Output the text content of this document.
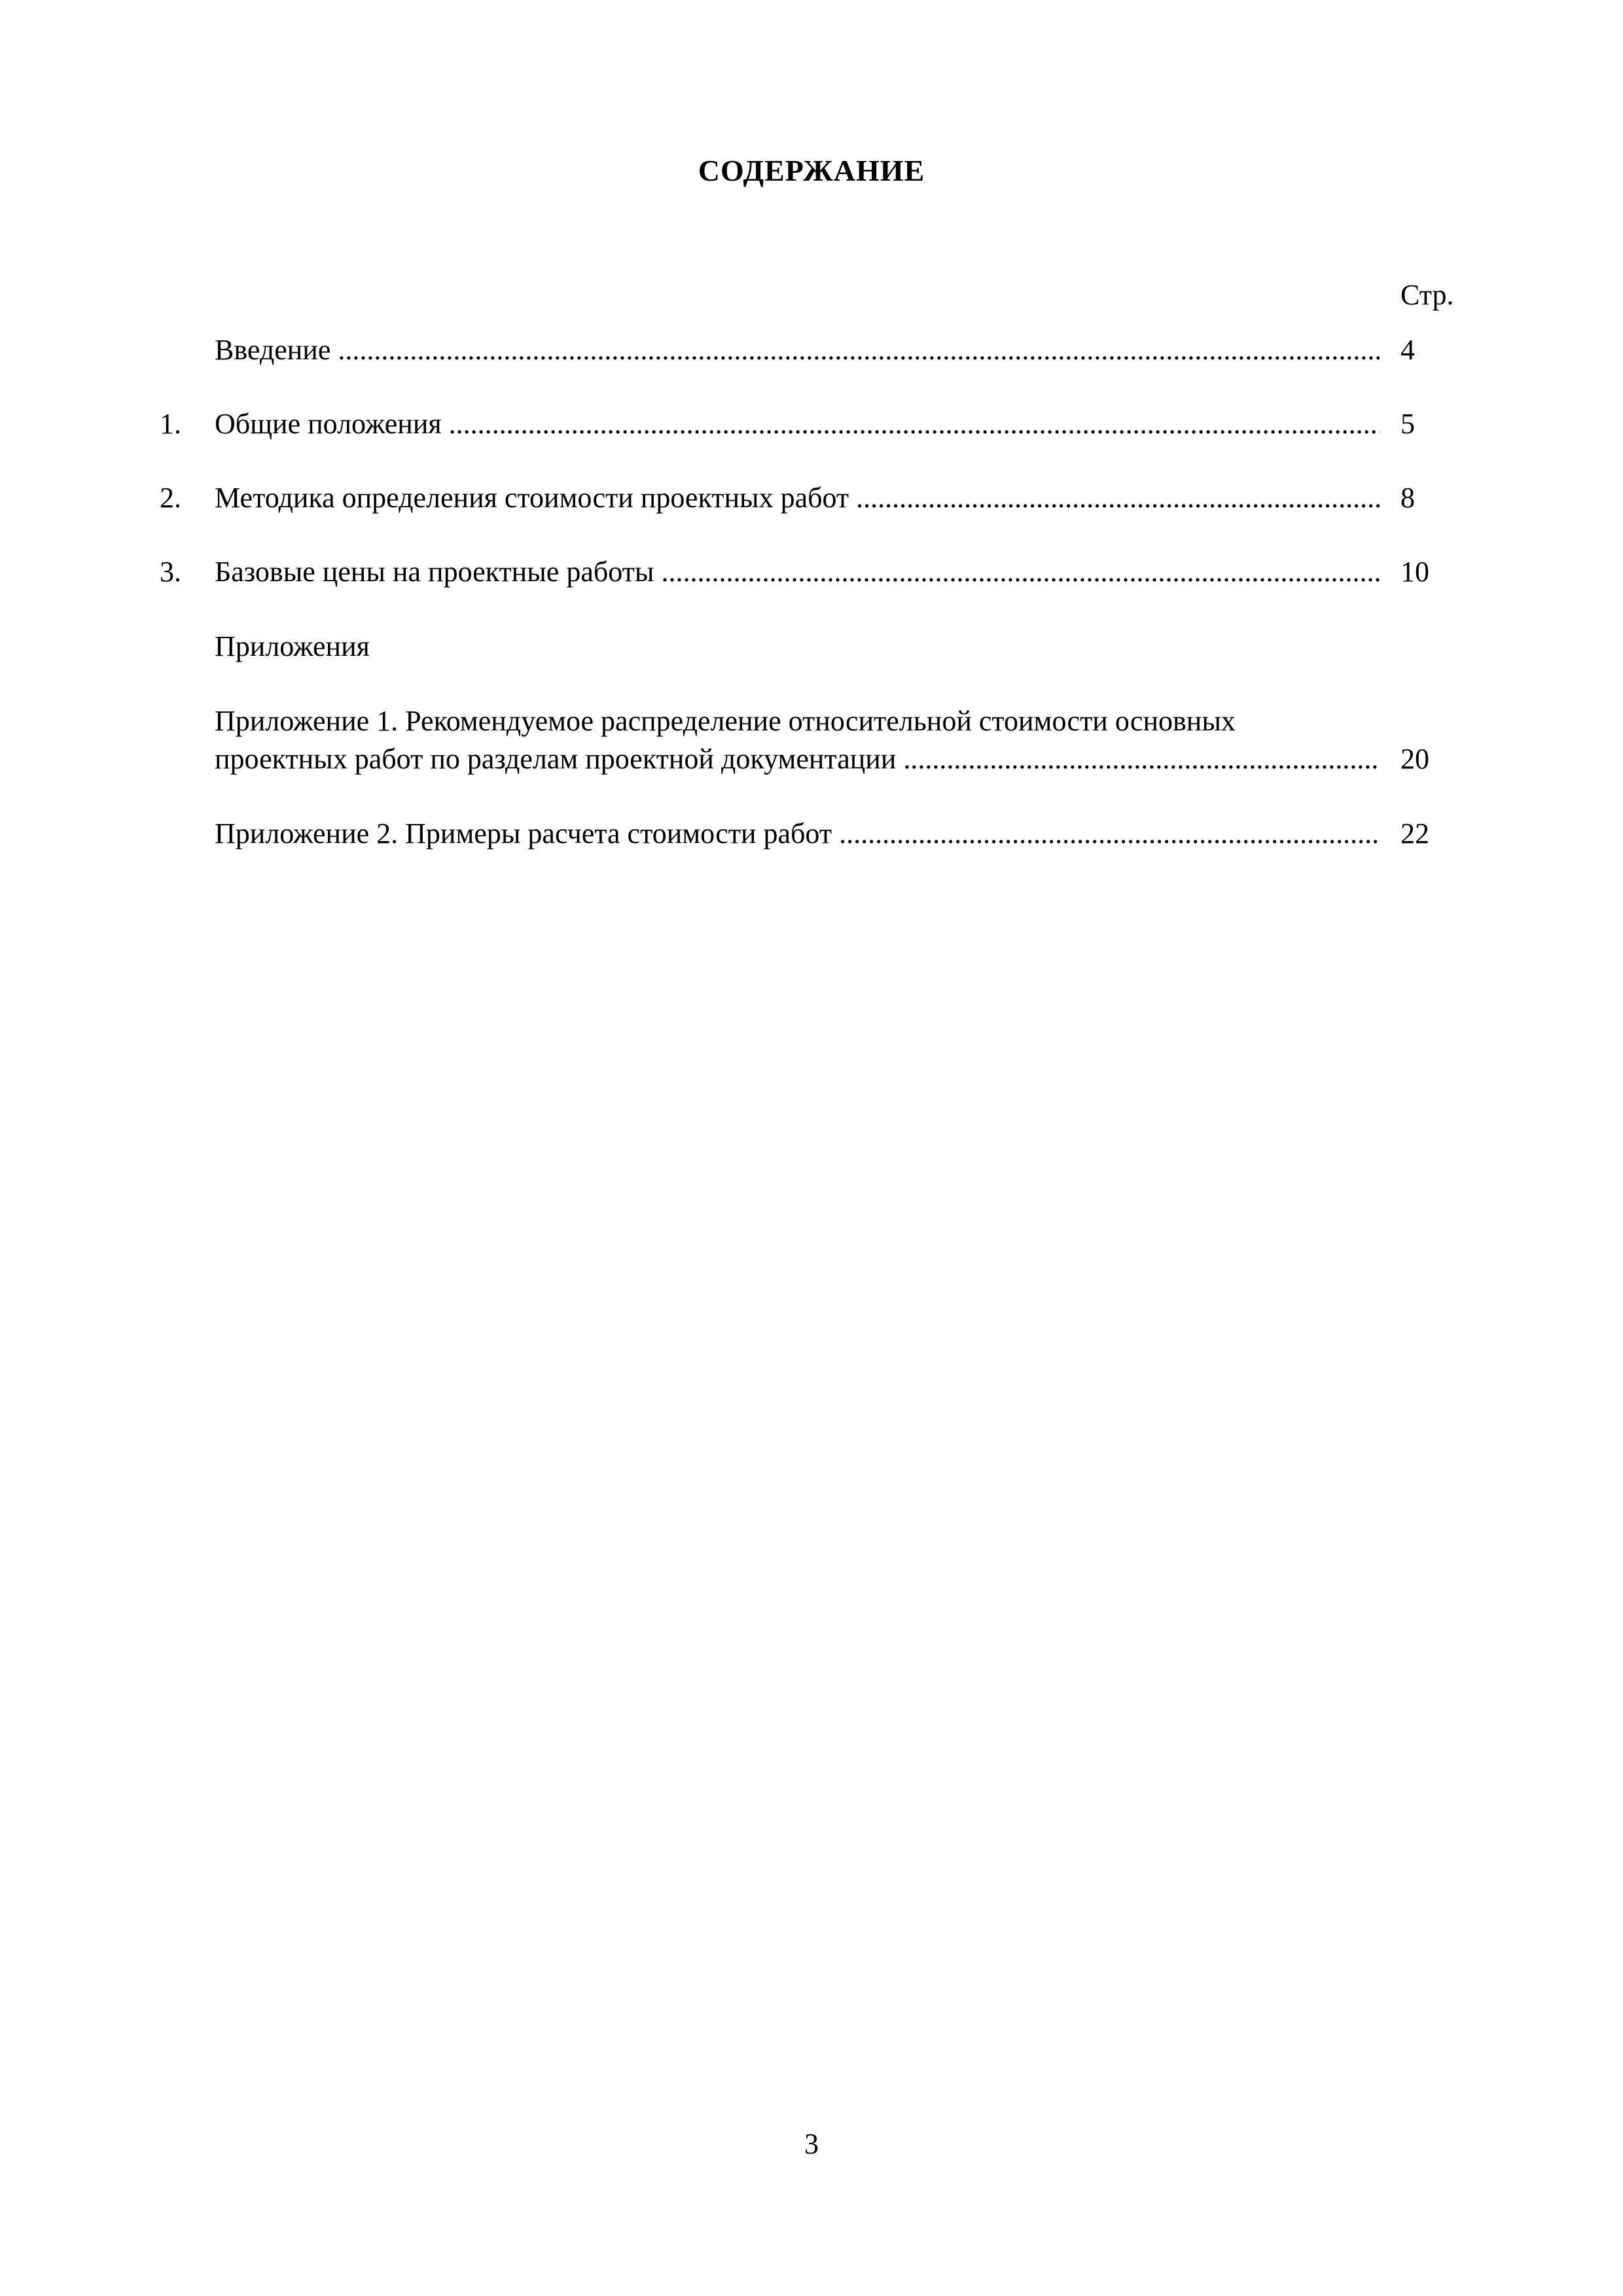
СОДЕРЖАНИЕ
Стр.
Введение .....	4
1. Общие положения .....	5
2. Методика определения стоимости проектных работ .....	8
3. Базовые цены на проектные работы .....	10
Приложения
Приложение 1. Рекомендуемое распределение относительной стоимости основных
проектных работ по разделам проектной документации .....	20
Приложение 2. Примеры расчета стоимости работ .....	22
3
